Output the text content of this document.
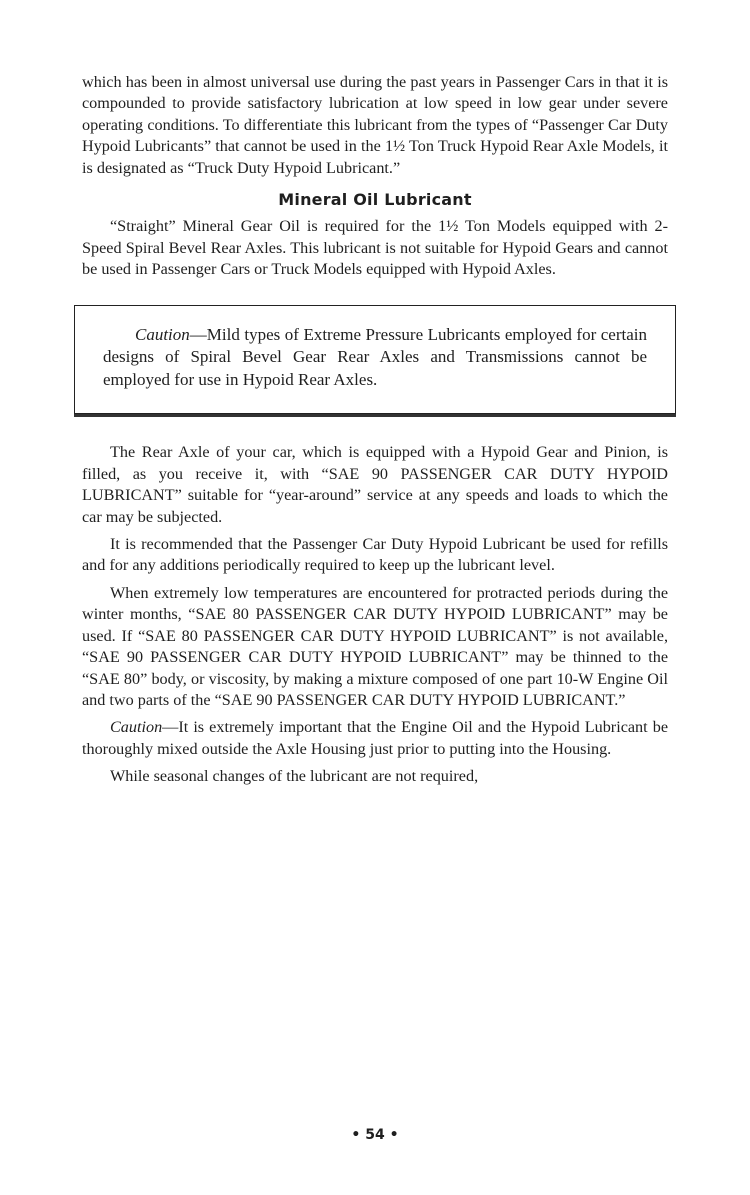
which has been in almost universal use during the past years in Passenger Cars in that it is compounded to provide satisfactory lubrication at low speed in low gear under severe operating conditions. To differentiate this lubricant from the types of “Passenger Car Duty Hypoid Lubricants” that cannot be used in the 1½ Ton Truck Hypoid Rear Axle Models, it is designated as “Truck Duty Hypoid Lubricant.”

Mineral Oil Lubricant

“Straight” Mineral Gear Oil is required for the 1½ Ton Models equipped with 2-Speed Spiral Bevel Rear Axles. This lubricant is not suitable for Hypoid Gears and cannot be used in Passenger Cars or Truck Models equipped with Hypoid Axles.

Caution—Mild types of Extreme Pressure Lubricants employed for certain designs of Spiral Bevel Gear Rear Axles and Transmissions cannot be employed for use in Hypoid Rear Axles.

The Rear Axle of your car, which is equipped with a Hypoid Gear and Pinion, is filled, as you receive it, with “SAE 90 PASSENGER CAR DUTY HYPOID LUBRICANT” suitable for “year-around” service at any speeds and loads to which the car may be subjected.

It is recommended that the Passenger Car Duty Hypoid Lubricant be used for refills and for any additions periodically required to keep up the lubricant level.

When extremely low temperatures are encountered for protracted periods during the winter months, “SAE 80 PASSENGER CAR DUTY HYPOID LUBRICANT” may be used. If “SAE 80 PASSENGER CAR DUTY HYPOID LUBRICANT” is not available, “SAE 90 PASSENGER CAR DUTY HYPOID LUBRICANT” may be thinned to the “SAE 80” body, or viscosity, by making a mixture composed of one part 10-W Engine Oil and two parts of the “SAE 90 PASSENGER CAR DUTY HYPOID LUBRICANT.”

Caution—It is extremely important that the Engine Oil and the Hypoid Lubricant be thoroughly mixed outside the Axle Housing just prior to putting into the Housing.

While seasonal changes of the lubricant are not required,

• 54 •
